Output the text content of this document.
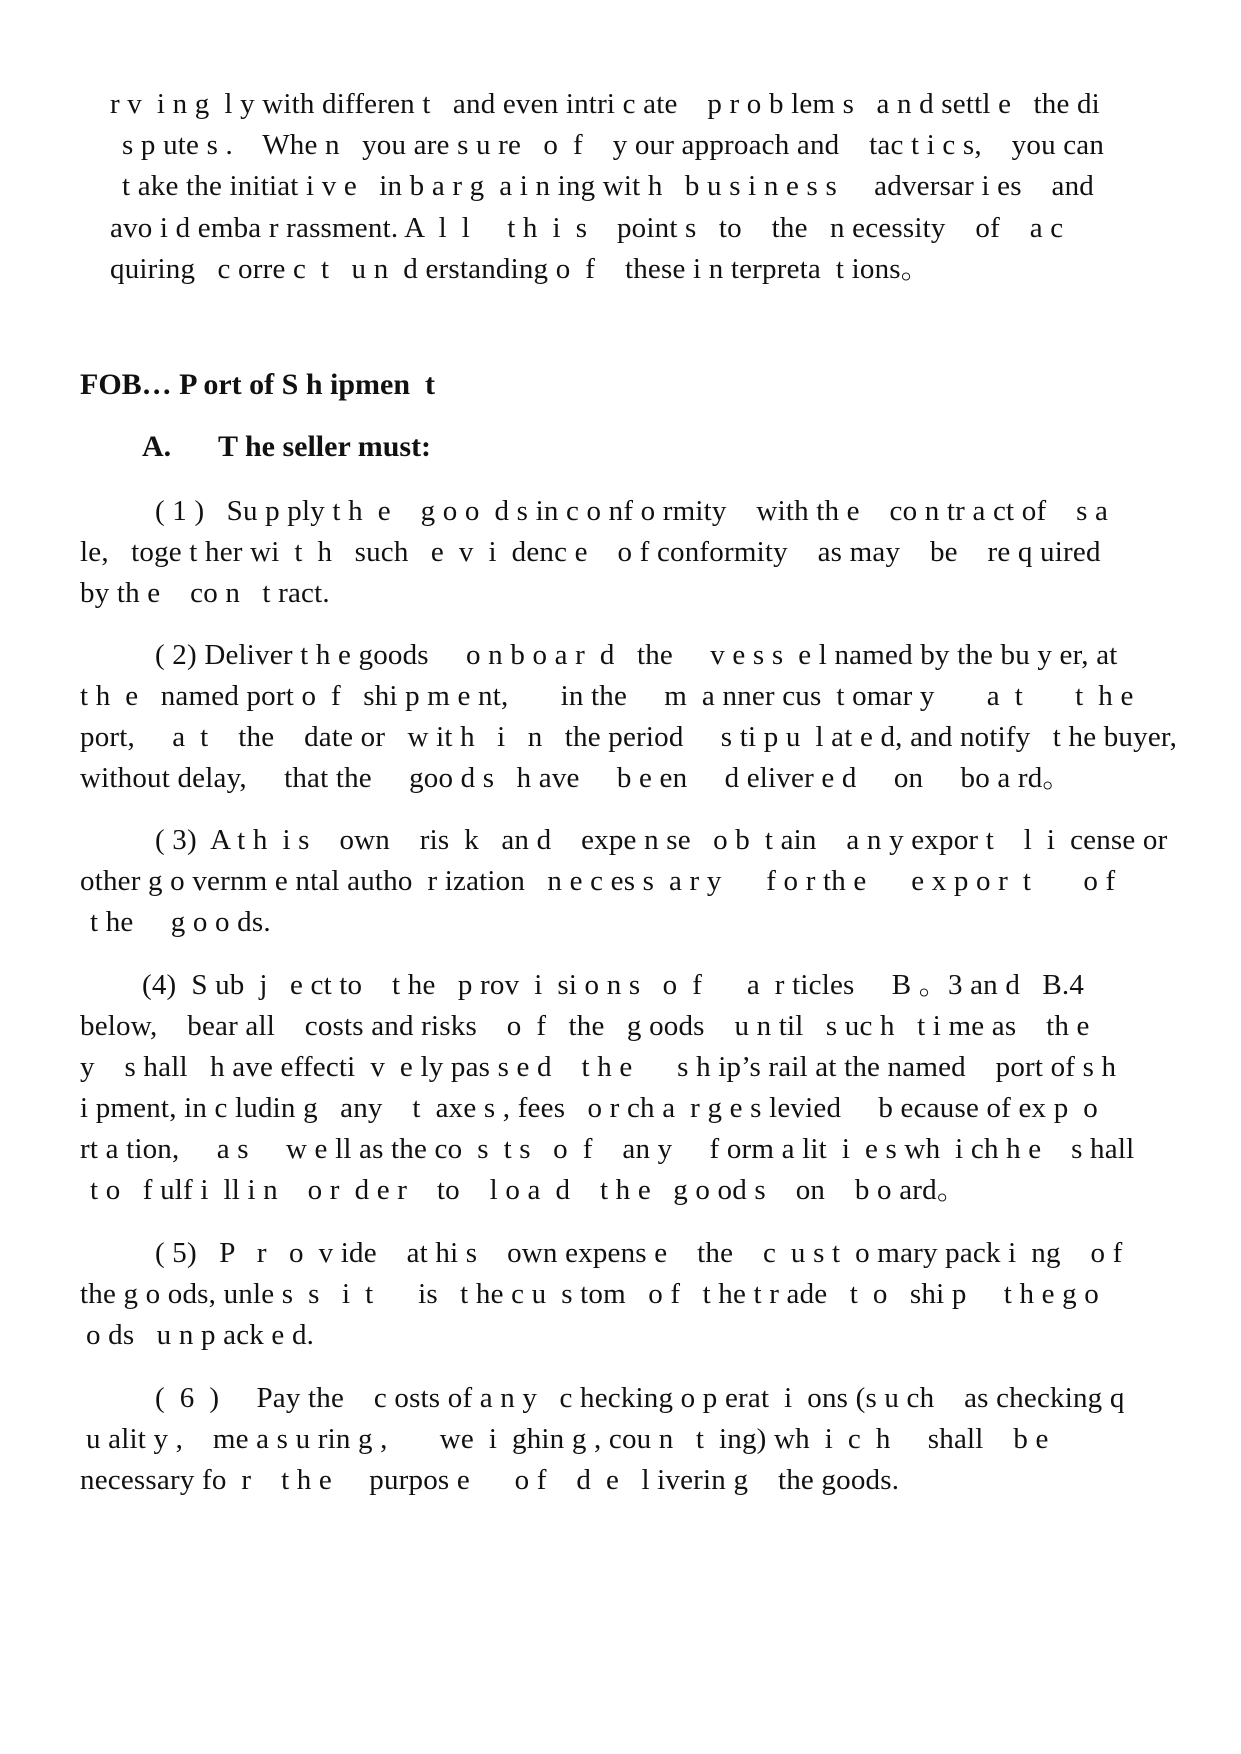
r v  i n g  l y with differen t   and even intri c ate    p r o b lem s   a n d settl e   the di
s p ute s .    Whe n   you are s u re   o  f    y our approach and    tac t i c s,    you can
t ake the initiat i v e   in b a r g  a i n ing wit h   b u s i n e s s     adversar i es    and
avo i d emba r rassment. A  l  l     t h  i  s    point s   to    the   n ecessity    of    a c
quiring   c orre c  t   u n  d erstanding o  f    these i n terpreta  t ions。
FOB… P ort of S h ipmen  t
A. T he seller must:
( 1 )   Su p ply t h  e    g o o  d s in c o nf o rmity    with th e    co n tr a ct of    s a
le,   toge t her wi  t  h   such   e  v  i  denc e    o f conformity    as may    be    re q uired
by th e    co n   t ract.
( 2) Deliver t h e goods     o n b o a r  d   the     v e s s  e l named by the bu y er, at
t h  e   named port o  f   shi p m e nt,       in the     m  a nner cus  t omar y       a  t       t  h e
port,     a  t    the    date or   w it h   i   n   the period     s ti p u  l at e d, and notify   t he buyer,
without delay,     that the     goo d s   h ave     b e en     d eliver e d     on     bo a rd。
( 3)  A t h  i s    own    ris  k   an d    expe n se   o b  t ain    a n y expor t    l  i  cense or
other g o vernm e ntal autho  r ization   n e c es s  a r y      f o r th e      e x p o r  t       o f
t he     g o o ds.
(4)  S ub  j   e ct to    t he   p rov  i  si o n s   o  f      a  r ticles     B 。3 an d   B.4
below,    bear all    costs and risks    o  f   the   g oods    u n til   s uc h   t i me as    th e
y    s hall   h ave effecti  v  e ly pas s e d    t h e      s h ip’s rail at the named    port of s h
i pment, in c ludin g   any    t  axe s , fees   o r ch a  r g e s levied     b ecause of ex p  o
rt a tion,     a s     w e ll as the co  s  t s   o  f    an y     f orm a lit  i  e s wh  i ch h e    s hall
t o   f ulf i  ll i n    o r  d e r    to    l o a  d    t h e   g o od s    on    b o ard。
( 5)   P   r   o  v ide    at hi s    own expens e    the    c  u s t  o mary pack i  ng    o f
the g o ods, unle s  s   i  t      is   t he c u  s tom   o f   t he t r ade   t  o   shi p     t h e g o
o ds   u n p ack e d.
(  6  )     Pay the    c osts of a n y   c hecking o p erat  i  ons (s u ch    as checking q
u alit y ,    me a s u rin g ,       we  i  ghin g , cou n   t  ing) wh  i  c  h     shall    b e
necessary fo  r    t h e     purpos e      o f    d  e   l iverin g    the goods.
